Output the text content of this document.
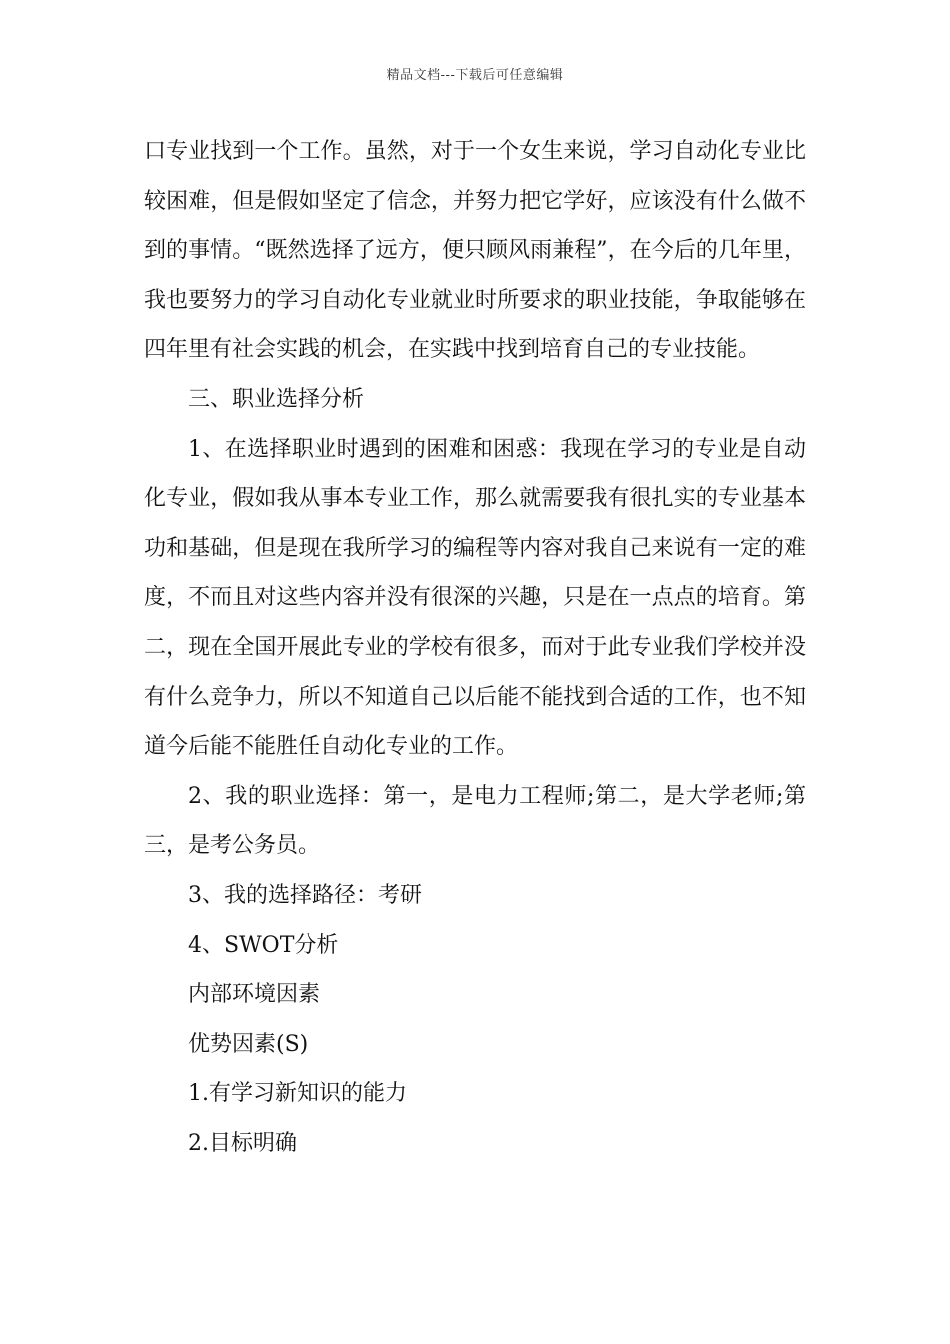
精品文档---下载后可任意编辑

口专业找到一个工作。虽然，对于一个女生来说，学习自动化专业比较困难，但是假如坚定了信念，并努力把它学好，应该没有什么做不到的事情。“既然选择了远方，便只顾风雨兼程”，在今后的几年里，我也要努力的学习自动化专业就业时所要求的职业技能，争取能够在四年里有社会实践的机会，在实践中找到培育自己的专业技能。

三、职业选择分析

1、在选择职业时遇到的困难和困惑：我现在学习的专业是自动化专业，假如我从事本专业工作，那么就需要我有很扎实的专业基本功和基础，但是现在我所学习的编程等内容对我自己来说有一定的难度，不而且对这些内容并没有很深的兴趣，只是在一点点的培育。第二，现在全国开展此专业的学校有很多，而对于此专业我们学校并没有什么竞争力，所以不知道自己以后能不能找到合适的工作，也不知道今后能不能胜任自动化专业的工作。

2、我的职业选择：第一，是电力工程师;第二，是大学老师;第三，是考公务员。

3、我的选择路径：考研

4、SWOT分析

内部环境因素

优势因素(S)

1.有学习新知识的能力

2.目标明确
